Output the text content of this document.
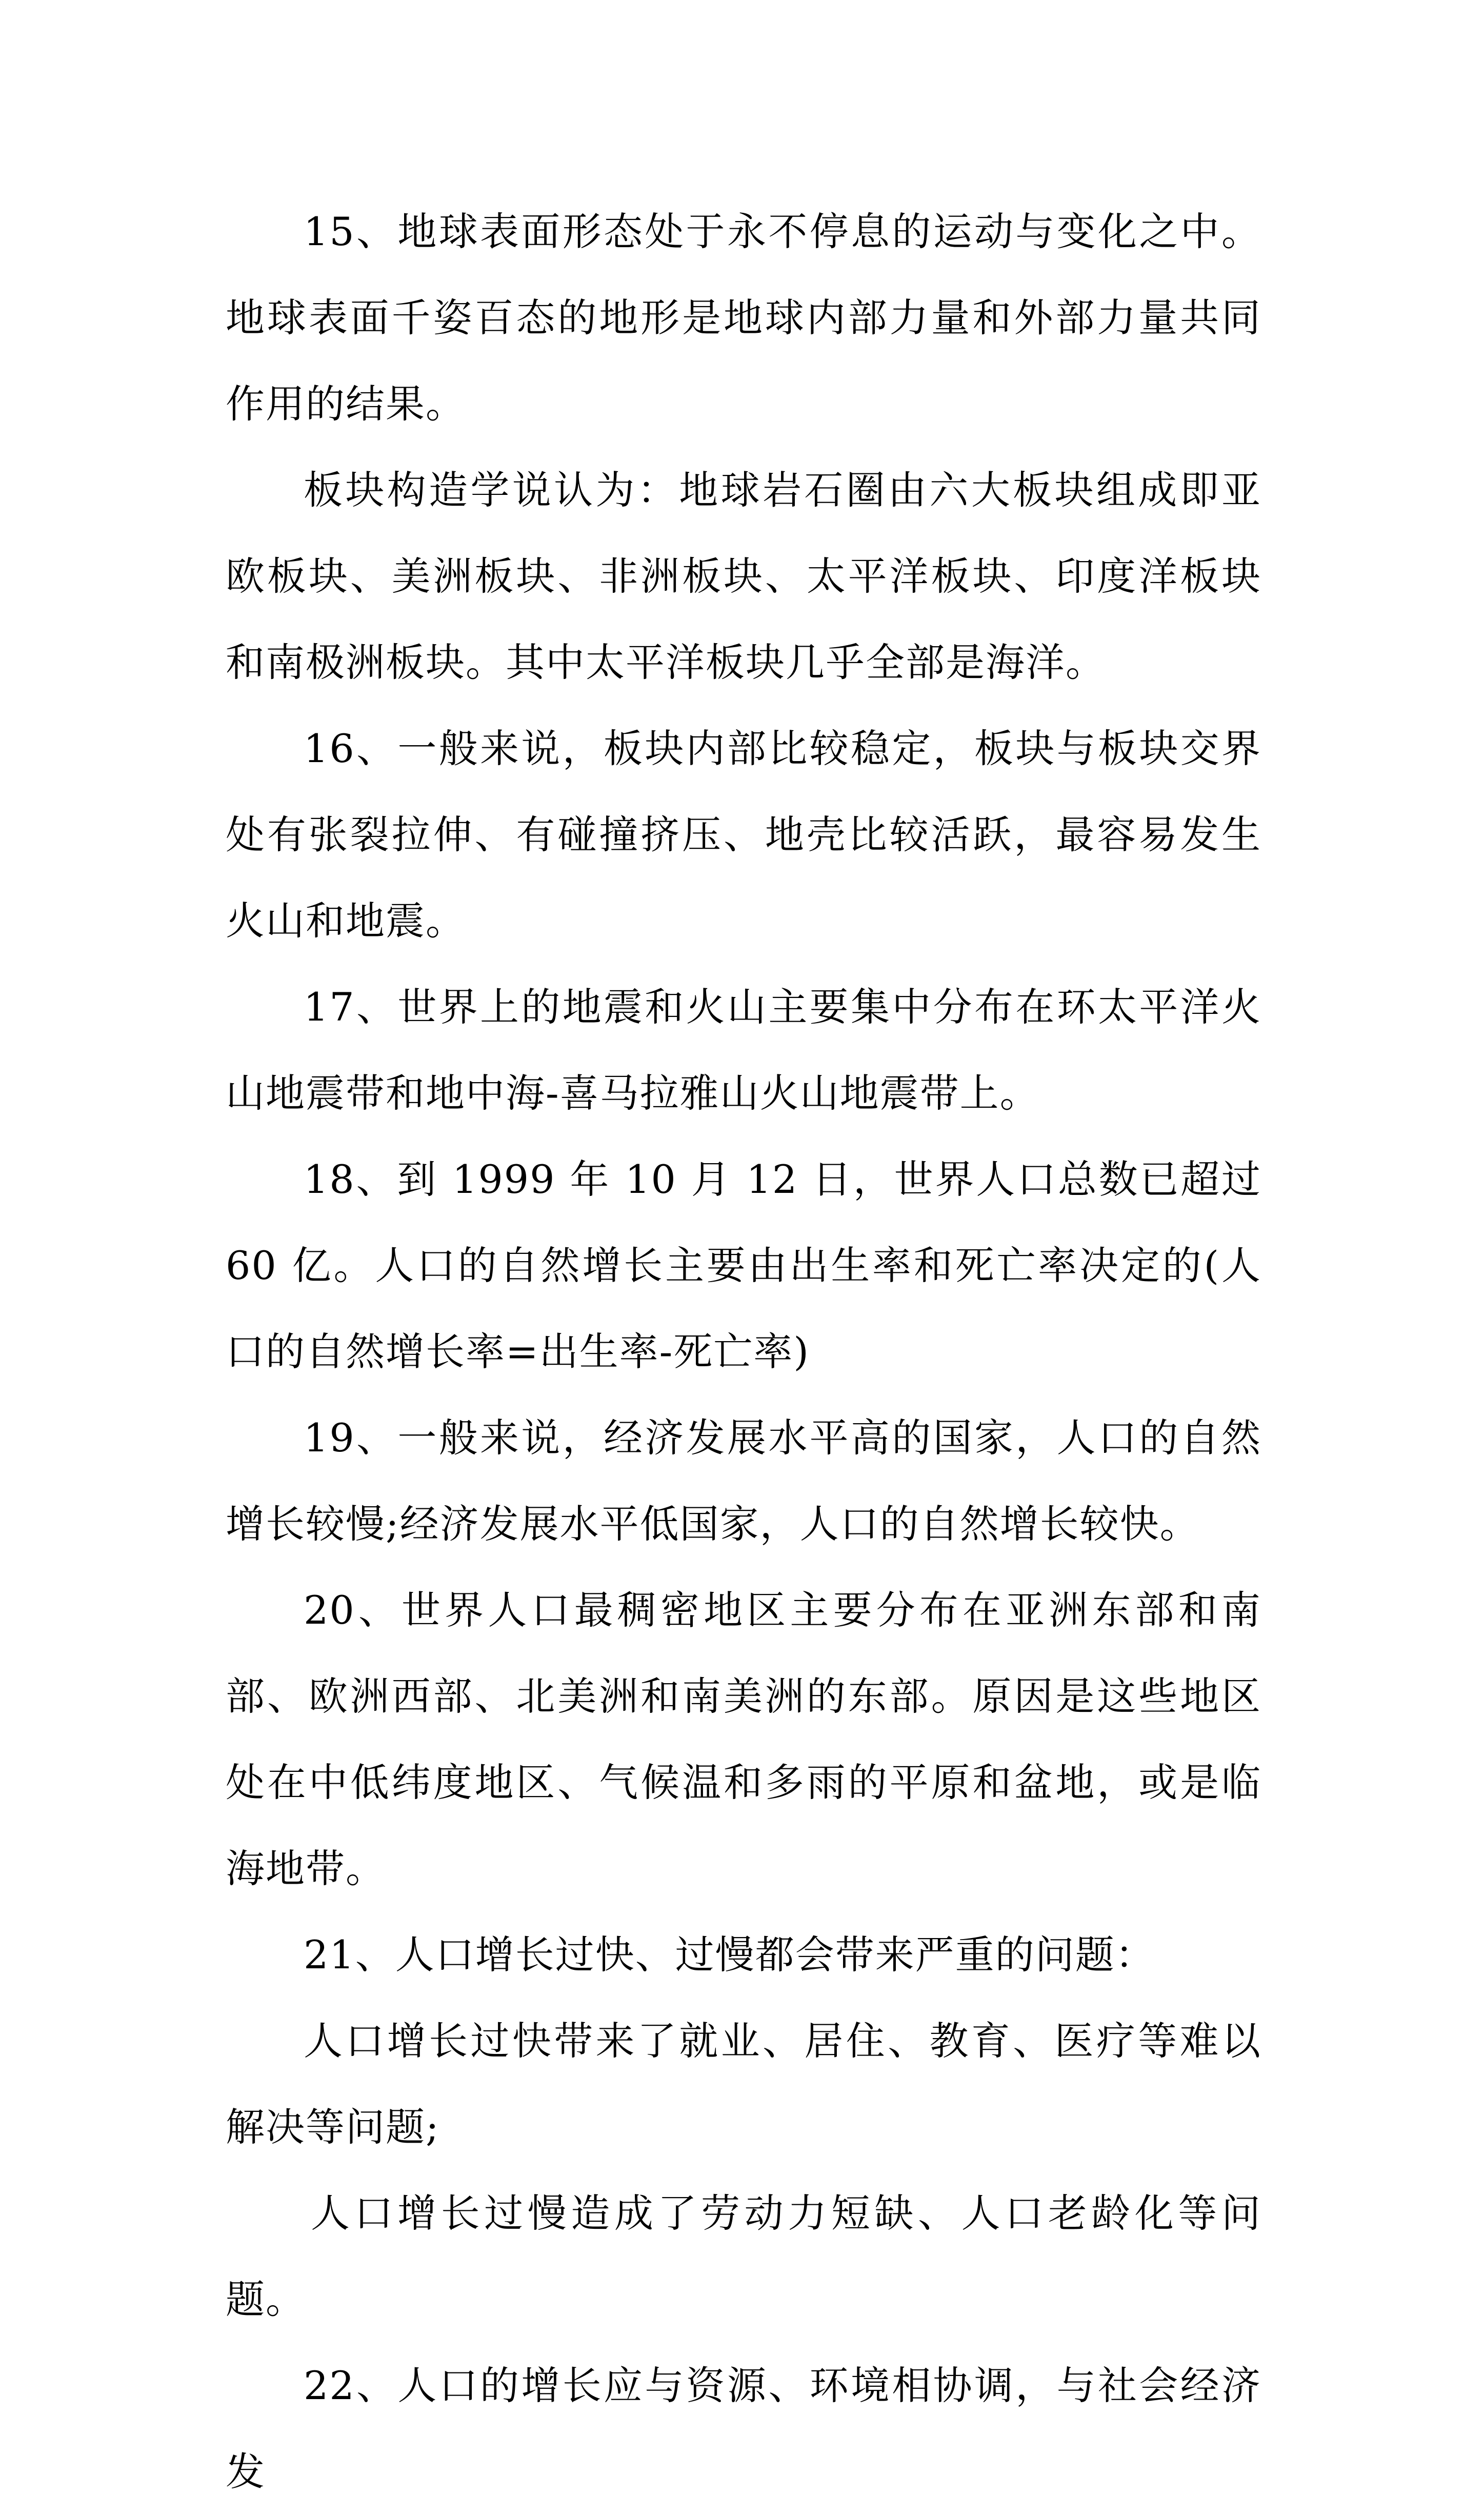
15、地球表面形态处于永不停息的运动与变化之中。地球表面千姿百态的地形是地球内部力量和外部力量共同作用的结果。

板块构造学说认为：地球岩石圈由六大板块组成即亚欧板块、美洲板块、非洲板块、太平洋板块、印度洋板块和南极洲板块。其中太平洋板块几乎全部是海洋。

16、一般来说，板块内部比较稳定，板块与板块交界处有张裂拉伸、有碰撞挤压、地壳比较活跃，最容易发生火山和地震。

17、世界上的地震和火山主要集中分布在环太平洋火山地震带和地中海-喜马拉雅山火山地震带上。

18、到 1999 年 10 月 12 日，世界人口总数已超过 60 亿。人口的自然增长主要由出生率和死亡率决定的(人口的自然增长率=出生率-死亡率)

19、一般来说，经济发展水平高的国家，人口的自然增长较慢;经济发展水平低国家，人口的自然增长较快。

20、世界人口最稠密地区主要分布在亚洲东部和南部、欧洲西部、北美洲和南美洲的东部。原因是这些地区处在中低纬度地区、气候温和多雨的平原和盆地，或是临海地带。

21、人口增长过快、过慢都会带来严重的问题：

人口增长过快带来了就业、居住、教育、医疗等难以解决等问题;

人口增长过慢造成了劳动力短缺、人口老龄化等问题。

22、人口的增长应与资源、环境相协调，与社会经济发
